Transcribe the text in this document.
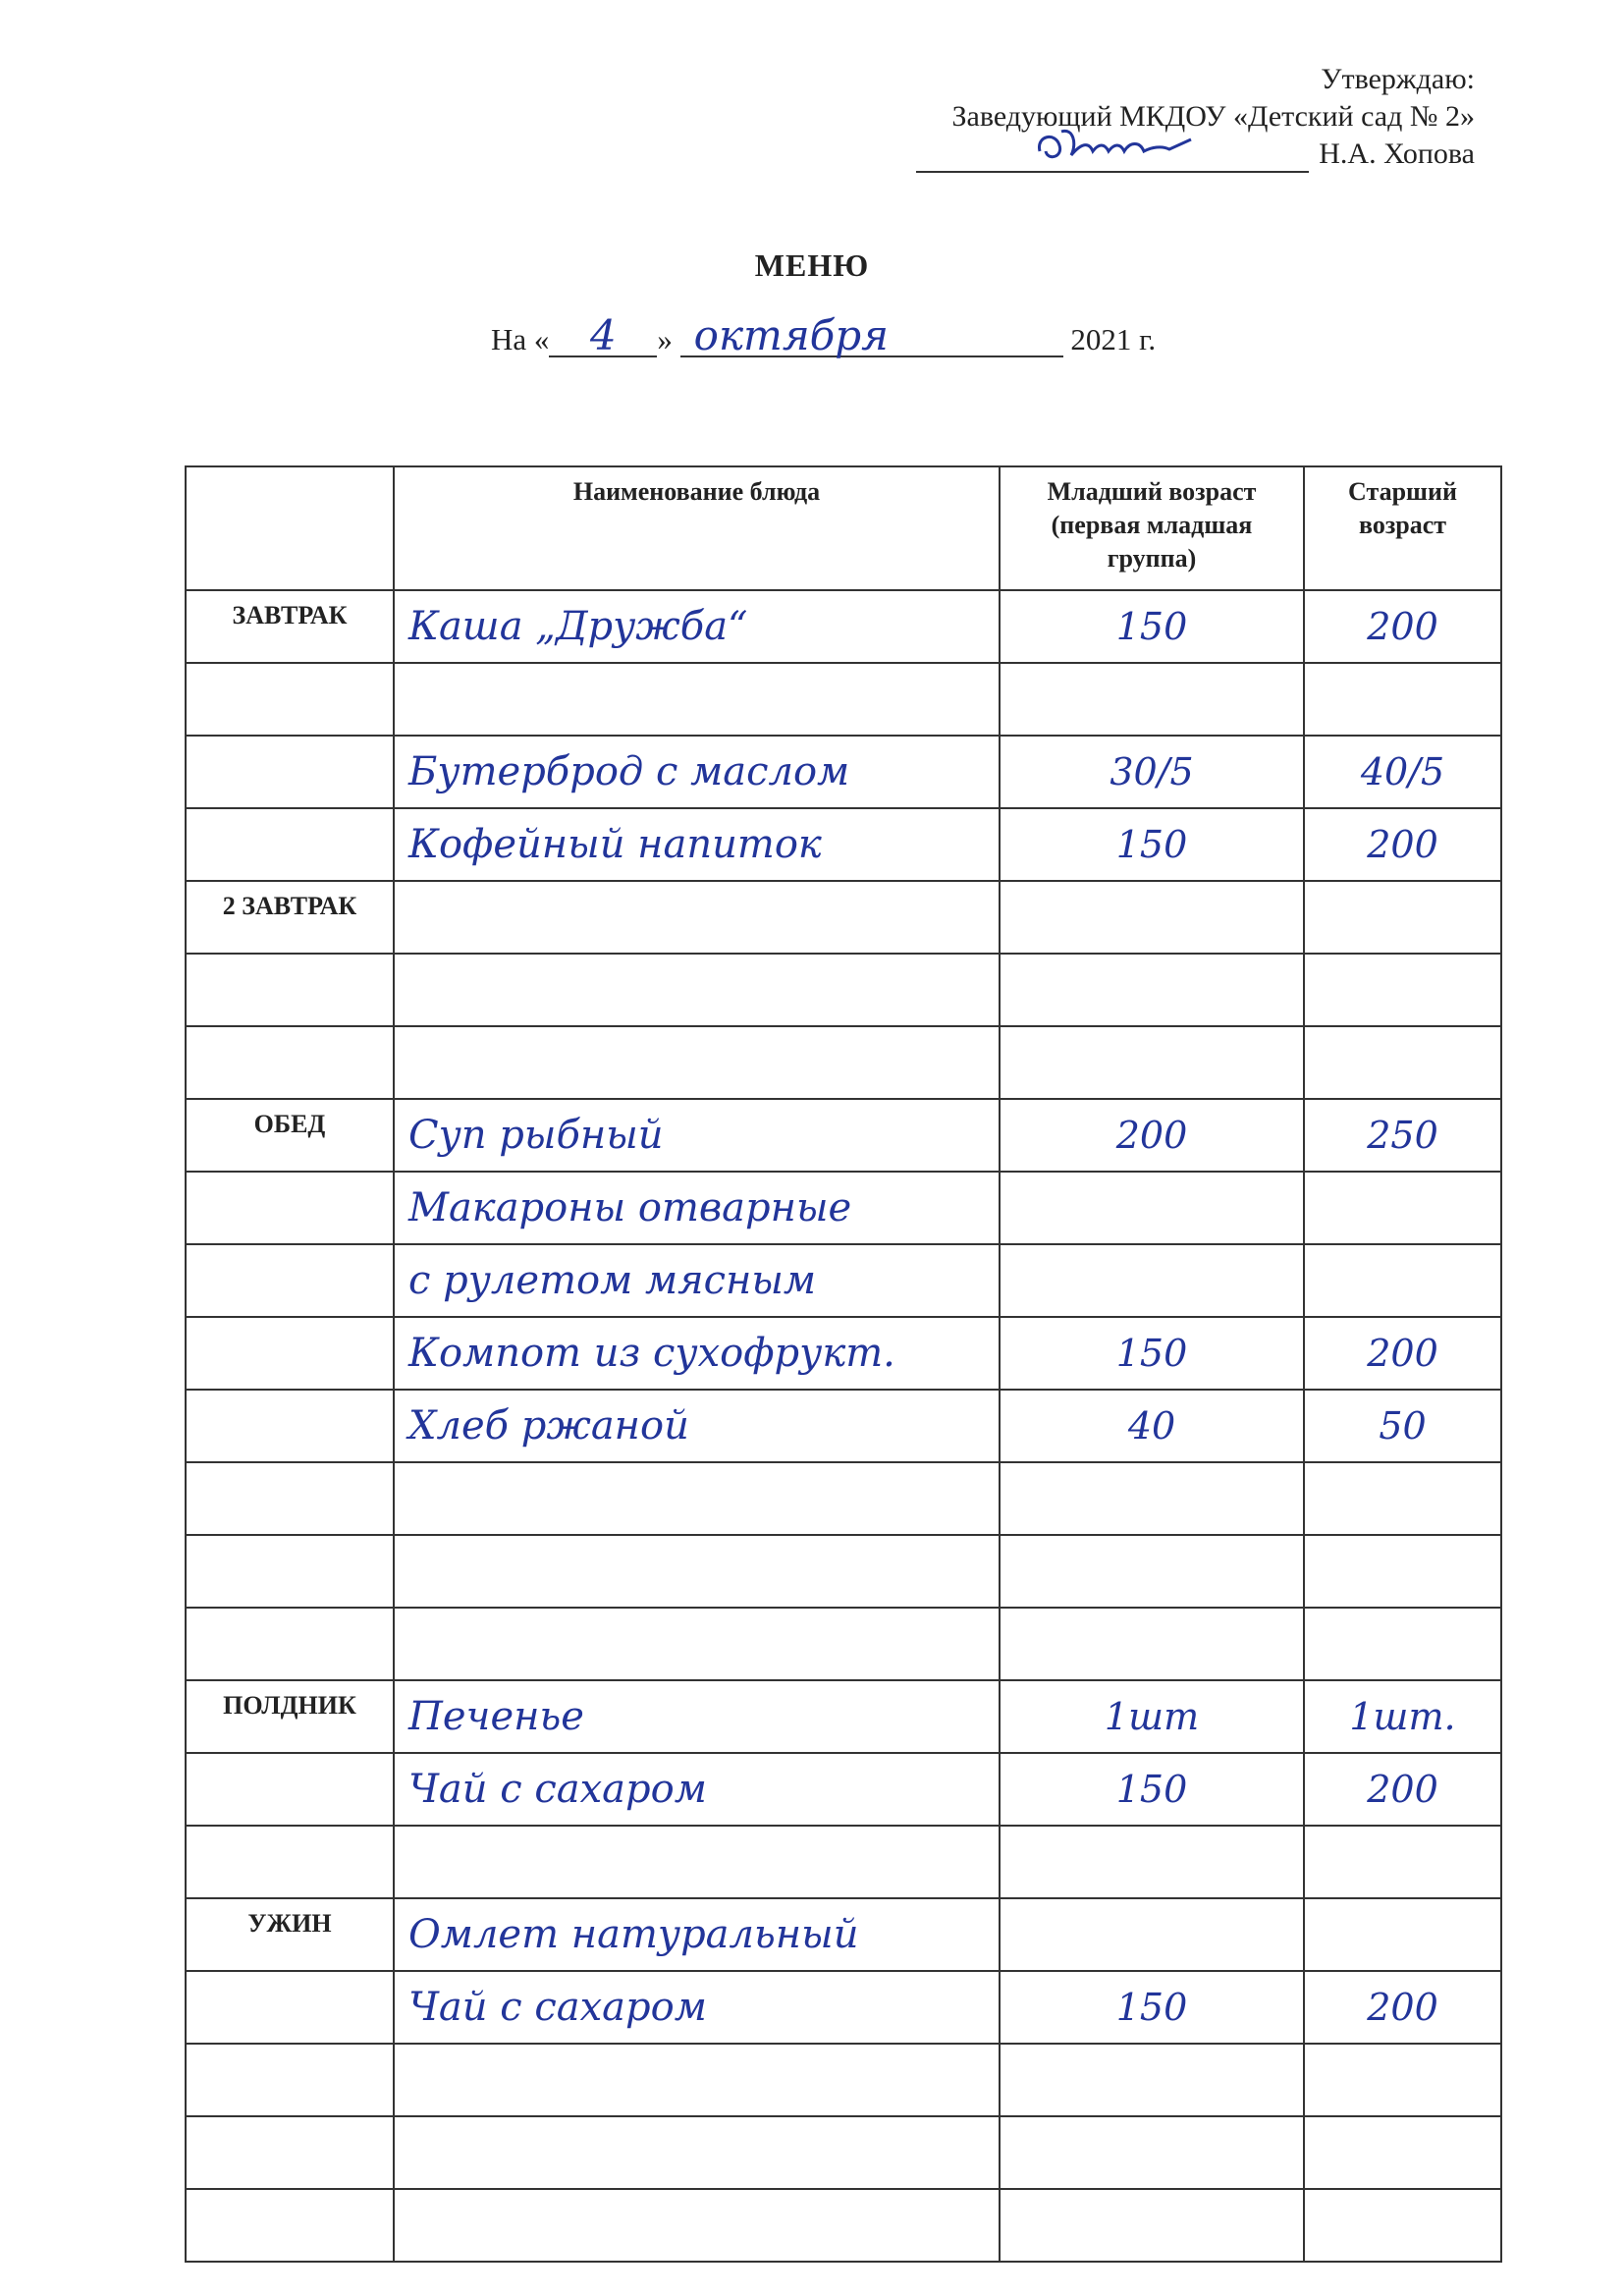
Утверждаю:
Заведующий МКДОУ «Детский сад № 2»
Н.А. Хопова
МЕНЮ
На « 4 » октября	2021 г.
	Наименование блюда	Младший возраст (первая младшая группа)	Старший возраст
ЗАВТРАК	Каша „Дружба“	150	200

	Бутерброд с маслом	30/5	40/5
	Кофейный напиток	150	200
2 ЗАВТРАК			

ОБЕД	Суп рыбный	200	250
	Макароны отварные		
	с рулетом мясным		
	Компот из сухофрукт.	150	200
	Хлеб ржаной	40	50

ПОЛДНИК	Печенье	1шт	1шт.
	Чай с сахаром	150	200

УЖИН	Омлет натуральный		
	Чай с сахаром	150	200
